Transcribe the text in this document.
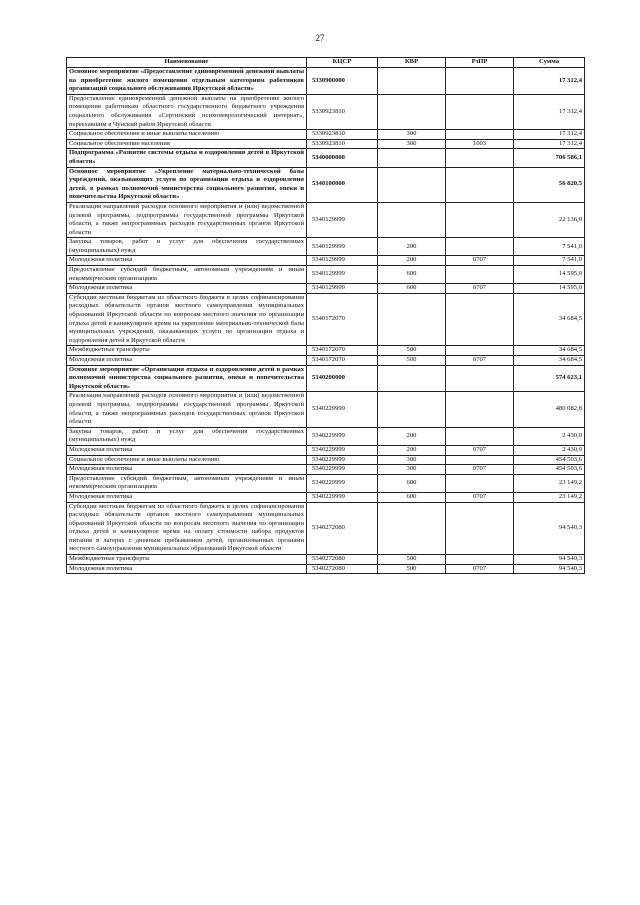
27
Наименование	КЦСР	КВР	РзПР	Сумма
Основное мероприятие «Предоставление единовременной денежной выплаты на приобретение жилого помещения отдельным категориям работников организаций социального обслуживания Иркутской области»	5330900000			17 312,4
Предоставление единовременной денежной выплаты на приобретение жилого помещения работникам областного государственного бюджетного учреждения социального обслуживания «Сергинский психоневрологический интернат», переехавшим в Чунский район Иркутской области	5330923810			17 312,4
Социальное обеспечение и иные выплаты населению	5330923810	300		17 312,4
Социальное обеспечение населения	5330923810	300	1003	17 312,4
Подпрограмма «Развитие системы отдыха и оздоровления детей в Иркутской области»	5340000000			706 586,1
Основное мероприятие «Укрепление материально-технической базы учреждений, оказывающих услуги по организации отдыха и оздоровления детей, в рамках полномочий министерства социального развития, опеки и попечительства Иркутской области»	5340100000			56 820,5
Реализация направлений расходов основного мероприятия и (или) ведомственной целевой программы, подпрограммы государственной программы Иркутской области, а также непрограммных расходов государственных органов Иркутской области	5340129999			22 136,0
Закупка товаров, работ и услуг для обеспечения государственных (муниципальных) нужд	5340129999	200		7 541,0
Молодежная политика	5340129999	200	0707	7 541,0
Предоставление субсидий бюджетным, автономным учреждениям и иным некоммерческим организациям	5340129999	600		14 595,0
Молодежная политика	5340129999	600	0707	14 595,0
Субсидии местным бюджетам из областного бюджета в целях софинансирования расходных обязательств органов местного самоуправления муниципальных образований Иркутской области по вопросам местного значения по организации отдыха детей в каникулярное время на укрепление материально-технической базы муниципальных учреждений, оказывающих услуги по организации отдыха и оздоровления детей в Иркутской области	5340172070			34 684,5
Межбюджетные трансферты	5340172070	500		34 684,5
Молодежная политика	5340172070	500	0707	34 684,5
Основное мероприятие «Организация отдыха и оздоровления детей в рамках полномочий министерства социального развития, опеки и попечительства Иркутской области»	5340200000			574 623,1
Реализация направлений расходов основного мероприятия и (или) ведомственной целевой программы, подпрограммы государственной программы Иркутской области, а также непрограммных расходов государственных органов Иркутской области	5340229999			480 082,8
Закупка товаров, работ и услуг для обеспечения государственных (муниципальных) нужд	5340229999	200		2 430,0
Молодежная политика	5340229999	200	0707	2 430,0
Социальное обеспечение и иные выплаты населению	5340229999	300		454 503,6
Молодежная политика	5340229999	300	0707	454 503,6
Предоставление субсидий бюджетным, автономным учреждениям и иным некоммерческим организациям	5340229999	600		23 149,2
Молодежная политика	5340229999	600	0707	23 149,2
Субсидии местным бюджетам из областного бюджета в целях софинансирования расходных обязательств органов местного самоуправления муниципальных образований Иркутской области по вопросам местного значения по организации отдыха детей в каникулярное время на оплату стоимости набора продуктов питания в лагерях с дневным пребыванием детей, организованных органами местного самоуправления муниципальных образований Иркутской области	5340272080			94 540,3
Межбюджетные трансферты	5340272080	500		94 540,3
Молодежная политика	5340272080	500	0707	94 540,3
